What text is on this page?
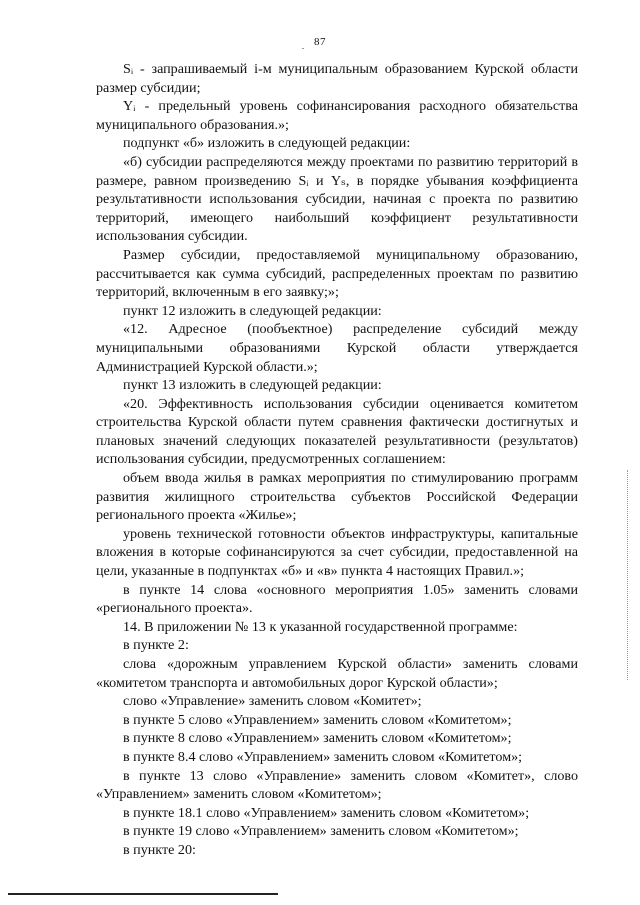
87

Sᵢ - запрашиваемый i-м муниципальным образованием Курской области размер субсидии;

Yᵢ - предельный уровень софинансирования расходного обязательства муниципального образования.»;

подпункт «б» изложить в следующей редакции:

«б) субсидии распределяются между проектами по развитию территорий в размере, равном произведению Sᵢ и Yₛ, в порядке убывания коэффициента результативности использования субсидии, начиная с проекта по развитию территорий, имеющего наибольший коэффициент результативности использования субсидии.

Размер субсидии, предоставляемой муниципальному образованию, рассчитывается как сумма субсидий, распределенных проектам по развитию территорий, включенным в его заявку;»;

пункт 12 изложить в следующей редакции:

«12. Адресное (пообъектное) распределение субсидий между муниципальными образованиями Курской области утверждается Администрацией Курской области.»;

пункт 13 изложить в следующей редакции:

«20. Эффективность использования субсидии оценивается комитетом строительства Курской области путем сравнения фактически достигнутых и плановых значений следующих показателей результативности (результатов) использования субсидии, предусмотренных соглашением:

объем ввода жилья в рамках мероприятия по стимулированию программ развития жилищного строительства субъектов Российской Федерации регионального проекта «Жилье»;

уровень технической готовности объектов инфраструктуры, капитальные вложения в которые софинансируются за счет субсидии, предоставленной на цели, указанные в подпунктах «б» и «в» пункта 4 настоящих Правил.»;

в пункте 14 слова «основного мероприятия 1.05» заменить словами «регионального проекта».

14. В приложении № 13 к указанной государственной программе:

в пункте 2:

слова «дорожным управлением Курской области» заменить словами «комитетом транспорта и автомобильных дорог Курской области»;

слово «Управление» заменить словом «Комитет»;

в пункте 5 слово «Управлением» заменить словом «Комитетом»;

в пункте 8 слово «Управлением» заменить словом «Комитетом»;

в пункте 8.4 слово «Управлением» заменить словом «Комитетом»;

в пункте 13 слово «Управление» заменить словом «Комитет», слово «Управлением» заменить словом «Комитетом»;

в пункте 18.1 слово «Управлением» заменить словом «Комитетом»;

в пункте 19 слово «Управлением» заменить словом «Комитетом»;

в пункте 20:
